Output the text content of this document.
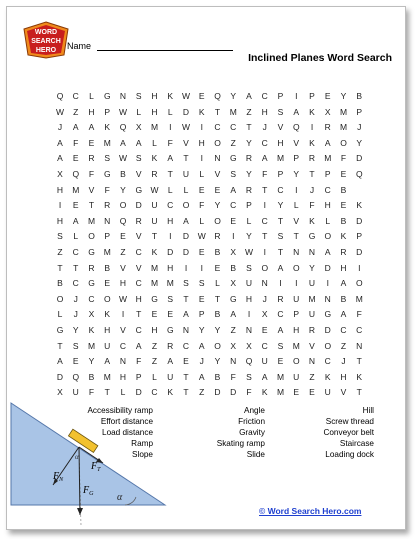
WORD
SEARCH
HERO Name
Inclined Planes Word Search
Q	C	L	G	N	S	H	K	W	E	Q	Y	A	C	P	I	P	E	Y	B
W	Z	H	P	W	L	H	L	D	K	T	M	Z	H	S	A	K	X	M	P
J	A	A	K	Q	X	M	I	W	I	C	C	T	J	V	Q	I	R	M	J
A	F	E	M	A	A	L	F	V	H	O	Z	Y	C	H	V	K	A	O	Y
A	E	R	S	W	S	K	A	T	I	N	G	R	A	M	P	R	M	F	D
X	Q	F	G	B	V	R	T	U	L	V	S	Y	F	P	Y	T	P	E	Q
H	M	V	F	Y	G W	L	L	E	E	A	R	T	C	I	J	C	B
I	E	T	R	O	D	U	C	O	F	Y	C	P	I	Y	L	F	H	E	K
H	A	M	N	Q	R	U	H	A	L	O	E	L	C	T	V	K	L	B	D
S	L	O	P	E	V	T	I	D	W	R	I	Y	T	S	T	G	O	K	P
Z	C	G	M	Z	C	K	D	D	E	B	X	W	I	T	N	N	A	R	D
T	T	R	B	V	V	M	H	I	I	E	B	S	O	A	O	Y	D	H	I
B	C	G	E	H	C	M	M	S	S	L	X	U	N	I	I	U	I	A	O
O	J	C	O W	H	G	S	T	E	T	G	H	J	R	U	M	N	B	M
L	J	X	K	I	T	E	E	A	P	B	A	I	X	C	P	U	G	A	F
G	Y	K	H	V	C	H	G	N	Y	Y	Z	N	E	A	H	R	D	C	C
T	S	M	U	C	A	Z	R	C	A	O	X	X	C	S	M	V	O	Z	N
A	E	Y	A	N	F	Z	A	E	J	Y	N	Q	U	E	O	N	C	J	T
D	Q	B	M	H	P	L	U	T	A	B	F	S	A	M	U	Z	K	H	K
X	U	F	T	L	D	C	K	T	Z	D	D	F	K	M	E	E	U	V	T
$F_N$
$F_T$
$F_G$ α
α
Accessibility ramp
Effort distance
Load distance
Ramp
Slope
Angle
Friction
Gravity
Skating ramp
Slide
Hill
Screw thread
Conveyor belt
Staircase
Loading dock
© Word Search Hero.com
